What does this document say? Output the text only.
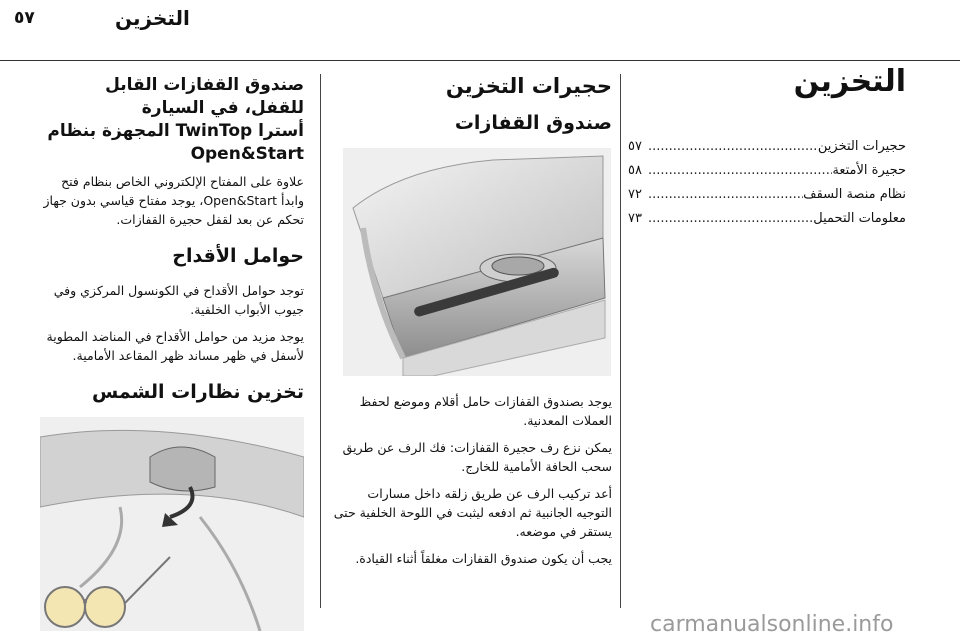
٥٧	التخزين
التخزين
حجيرات التخزين
.....
٥٧
حجيرة الأمتعة
.....
٥٨
نظام منصة السقف
.....
٧٢
معلومات التحميل
.....
٧٣
حجيرات التخزين
صندوق القفازات

يوجد بصندوق القفازات حامل أقلام وموضع لحفظ العملات المعدنية.

يمكن نزع رف حجيرة القفازات: فك الرف عن طريق سحب الحافة الأمامية للخارج.

أعد تركيب الرف عن طريق زلقه داخل مسارات التوجيه الجانبية ثم ادفعه ليثبت في اللوحة الخلفية حتى يستقر في موضعه.

يجب أن يكون صندوق القفازات مغلقاً أثناء القيادة.

صندوق القفازات القابل للقفل، في السيارة
أسترا TwinTop المجهزة بنظام
Open&Start

علاوة على المفتاح الإلكتروني الخاص بنظام فتح وابدأ Open&Start، يوجد مفتاح قياسي بدون جهاز تحكم عن بعد لقفل حجيرة القفازات.

حوامل الأقداح

توجد حوامل الأقداح في الكونسول المركزي وفي جيوب الأبواب الخلفية.

يوجد مزيد من حوامل الأقداح في المناضد المطوية لأسفل في ظهر مساند ظهر المقاعد الأمامية.

تخزين نظارات الشمس
carmanualsonline.info
